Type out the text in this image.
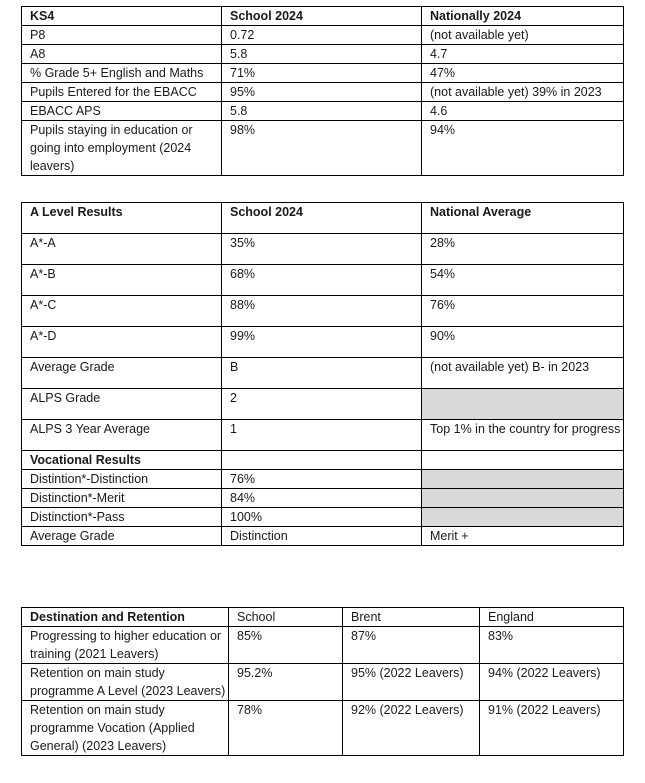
KS4	School 2024	Nationally 2024
P8	0.72	(not available yet)
A8	5.8	4.7
% Grade 5+ English and Maths	71%	47%
Pupils Entered for the EBACC	95%	(not available yet) 39% in 2023
EBACC APS	5.8	4.6
Pupils staying in education or going into employment (2024 leavers)	98%	94%
A Level Results	School 2024	National Average
A*-A	35%	28%
A*-B	68%	54%
A*-C	88%	76%
A*-D	99%	90%
Average Grade	B	(not available yet) B- in 2023
ALPS Grade	2	
ALPS 3 Year Average	1	Top 1% in the country for progress
Vocational Results		
Distintion*-Distinction	76%	
Distinction*-Merit	84%	
Distinction*-Pass	100%	
Average Grade	Distinction	Merit +
Destination and Retention	School	Brent	England
Progressing to higher education or training (2021 Leavers)	85%	87%	83%
Retention on main study programme A Level (2023 Leavers)	95.2%	95% (2022 Leavers)	94% (2022 Leavers)
Retention on main study programme Vocation (Applied General) (2023 Leavers)	78%	92% (2022 Leavers)	91% (2022 Leavers)
